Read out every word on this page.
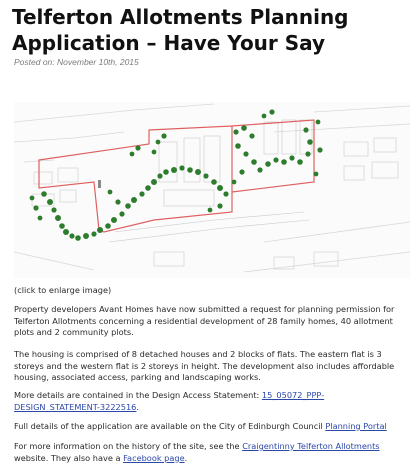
Telferton Allotments Planning Application – Have Your Say
Posted on: November 10th, 2015

(click to enlarge image)

Property developers Avant Homes have now submitted a request for planning permission for Telferton Allotments concerning a residential development of 28 family homes, 40 allotment plots and 2 community plots.

The housing is comprised of 8 detached houses and 2 blocks of flats. The eastern flat is 3 storeys and the western flat is 2 storeys in height. The development also includes affordable housing, associated access, parking and landscaping works.

More details are contained in the Design Access Statement: 15_05072_PPP-DESIGN_STATEMENT-3222516.

Full details of the application are available on the City of Edinburgh Council Planning Portal

For more information on the history of the site, see the Craigentinny Telferton Allotments website. They also have a Facebook page.
